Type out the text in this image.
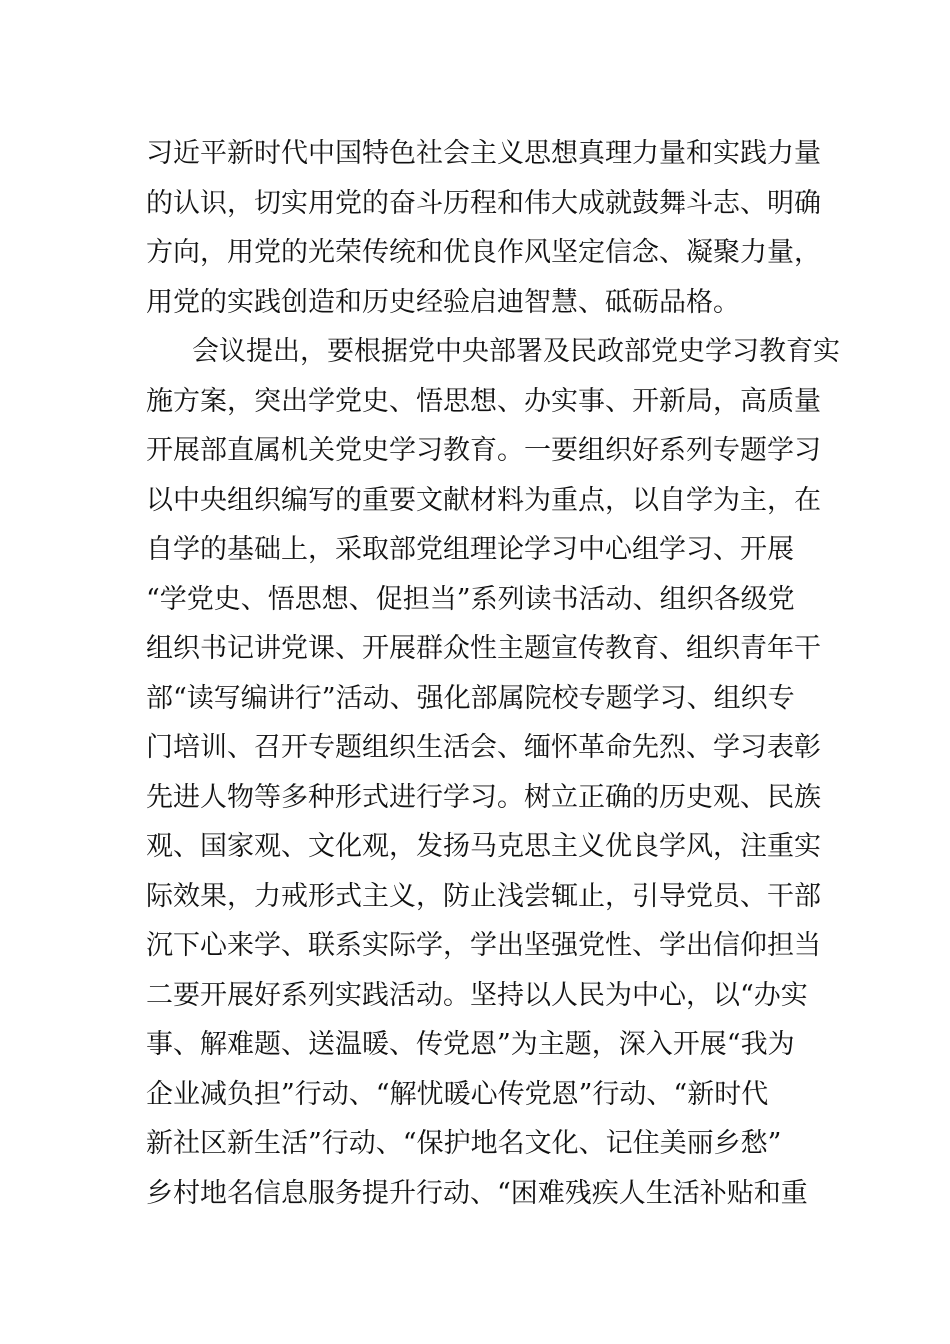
习近平新时代中国特色社会主义思想真理力量和实践力量
的认识，切实用党的奋斗历程和伟大成就鼓舞斗志、明确
方向，用党的光荣传统和优良作风坚定信念、凝聚力量，
用党的实践创造和历史经验启迪智慧、砥砺品格。
会议提出，要根据党中央部署及民政部党史学习教育实
施方案，突出学党史、悟思想、办实事、开新局，高质量
开展部直属机关党史学习教育。一要组织好系列专题学习
以中央组织编写的重要文献材料为重点，以自学为主，在
自学的基础上，采取部党组理论学习中心组学习、开展
“学党史、悟思想、促担当”系列读书活动、组织各级党
组织书记讲党课、开展群众性主题宣传教育、组织青年干
部“读写编讲行”活动、强化部属院校专题学习、组织专
门培训、召开专题组织生活会、缅怀革命先烈、学习表彰
先进人物等多种形式进行学习。树立正确的历史观、民族
观、国家观、文化观，发扬马克思主义优良学风，注重实
际效果，力戒形式主义，防止浅尝辄止，引导党员、干部
沉下心来学、联系实际学，学出坚强党性、学出信仰担当
二要开展好系列实践活动。坚持以人民为中心，以“办实
事、解难题、送温暖、传党恩”为主题，深入开展“我为
企业减负担”行动、“解忧暖心传党恩”行动、“新时代
新社区新生活”行动、“保护地名文化、记住美丽乡愁”
乡村地名信息服务提升行动、“困难残疾人生活补贴和重
